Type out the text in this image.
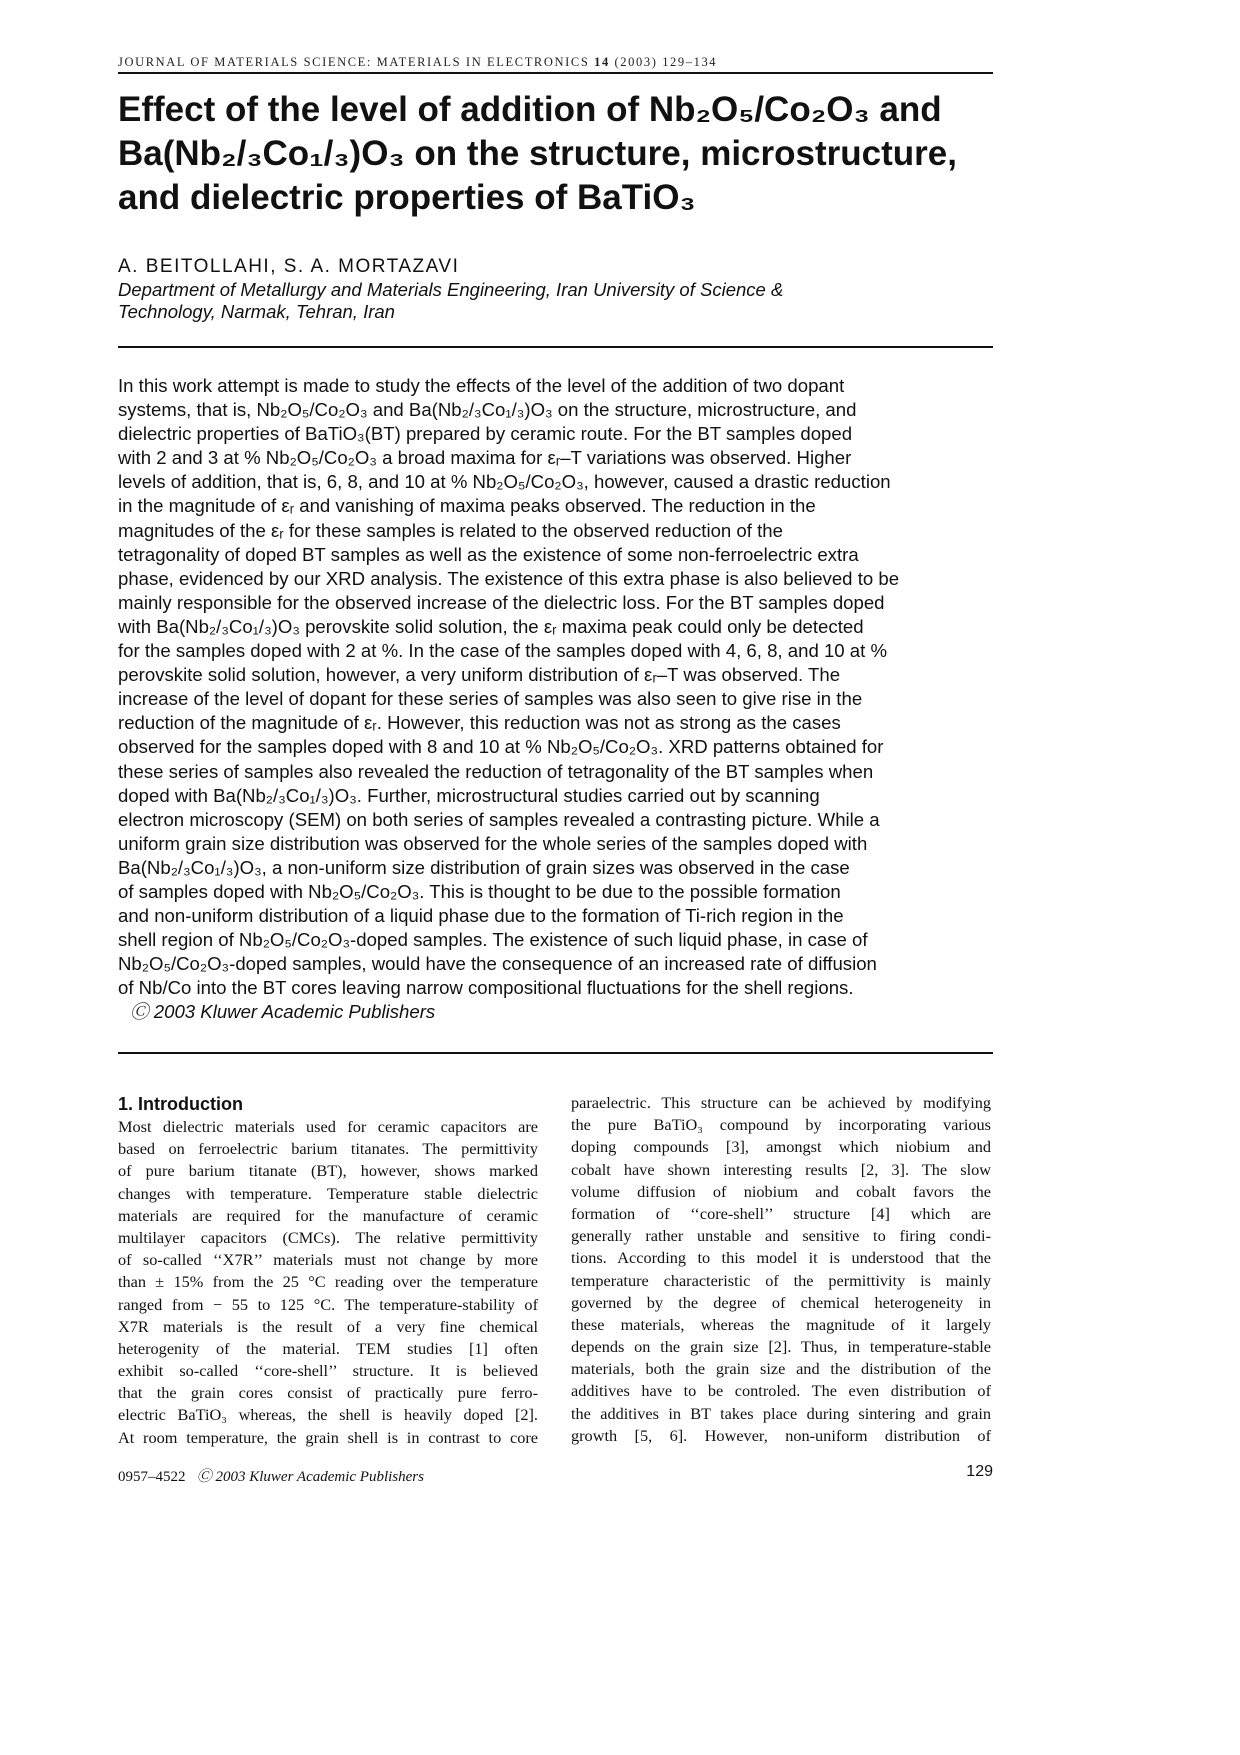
JOURNAL OF MATERIALS SCIENCE: MATERIALS IN ELECTRONICS 14 (2003) 129–134
Effect of the level of addition of Nb₂O₅/Co₂O₃ and
Ba(Nb₂/₃Co₁/₃)O₃ on the structure, microstructure,
and dielectric properties of BaTiO₃
A. BEITOLLAHI, S. A. MORTAZAVI
Department of Metallurgy and Materials Engineering, Iran University of Science &
Technology, Narmak, Tehran, Iran
In this work attempt is made to study the effects of the level of the addition of two dopant
systems, that is, Nb₂O₅/Co₂O₃ and Ba(Nb₂/₃Co₁/₃)O₃ on the structure, microstructure, and
dielectric properties of BaTiO₃(BT) prepared by ceramic route. For the BT samples doped
with 2 and 3 at % Nb₂O₅/Co₂O₃ a broad maxima for εᵣ–T variations was observed. Higher
levels of addition, that is, 6, 8, and 10 at % Nb₂O₅/Co₂O₃, however, caused a drastic reduction
in the magnitude of εᵣ and vanishing of maxima peaks observed. The reduction in the
magnitudes of the εᵣ for these samples is related to the observed reduction of the
tetragonality of doped BT samples as well as the existence of some non-ferroelectric extra
phase, evidenced by our XRD analysis. The existence of this extra phase is also believed to be
mainly responsible for the observed increase of the dielectric loss. For the BT samples doped
with Ba(Nb₂/₃Co₁/₃)O₃ perovskite solid solution, the εᵣ maxima peak could only be detected
for the samples doped with 2 at %. In the case of the samples doped with 4, 6, 8, and 10 at %
perovskite solid solution, however, a very uniform distribution of εᵣ–T was observed. The
increase of the level of dopant for these series of samples was also seen to give rise in the
reduction of the magnitude of εᵣ. However, this reduction was not as strong as the cases
observed for the samples doped with 8 and 10 at % Nb₂O₅/Co₂O₃. XRD patterns obtained for
these series of samples also revealed the reduction of tetragonality of the BT samples when
doped with Ba(Nb₂/₃Co₁/₃)O₃. Further, microstructural studies carried out by scanning
electron microscopy (SEM) on both series of samples revealed a contrasting picture. While a
uniform grain size distribution was observed for the whole series of the samples doped with
Ba(Nb₂/₃Co₁/₃)O₃, a non-uniform size distribution of grain sizes was observed in the case
of samples doped with Nb₂O₅/Co₂O₃. This is thought to be due to the possible formation
and non-uniform distribution of a liquid phase due to the formation of Ti-rich region in the
shell region of Nb₂O₅/Co₂O₃-doped samples. The existence of such liquid phase, in case of
Nb₂O₅/Co₂O₃-doped samples, would have the consequence of an increased rate of diffusion
of Nb/Co into the BT cores leaving narrow compositional fluctuations for the shell regions.
Ⓒ 2003 Kluwer Academic Publishers
1. Introduction
Most dielectric materials used for ceramic capacitors are
based on ferroelectric barium titanates. The permittivity
of pure barium titanate (BT), however, shows marked
changes with temperature. Temperature stable dielectric
materials are required for the manufacture of ceramic
multilayer capacitors (CMCs). The relative permittivity
of so-called ‘‘X7R’’ materials must not change by more
than ± 15% from the 25 °C reading over the temperature
ranged from − 55 to 125 °C. The temperature-stability of
X7R materials is the result of a very fine chemical
heterogenity of the material. TEM studies [1] often
exhibit so-called ‘‘core-shell’’ structure. It is believed
that the grain cores consist of practically pure ferro-
electric BaTiO₃ whereas, the shell is heavily doped [2].
At room temperature, the grain shell is in contrast to core
paraelectric. This structure can be achieved by modifying
the pure BaTiO₃ compound by incorporating various
doping compounds [3], amongst which niobium and
cobalt have shown interesting results [2, 3]. The slow
volume diffusion of niobium and cobalt favors the
formation of ‘‘core-shell’’ structure [4] which are
generally rather unstable and sensitive to firing condi-
tions. According to this model it is understood that the
temperature characteristic of the permittivity is mainly
governed by the degree of chemical heterogeneity in
these materials, whereas the magnitude of it largely
depends on the grain size [2]. Thus, in temperature-stable
materials, both the grain size and the distribution of the
additives have to be controled. The even distribution of
the additives in BT takes place during sintering and grain
growth [5, 6]. However, non-uniform distribution of
0957–4522 Ⓒ 2003 Kluwer Academic Publishers	129
